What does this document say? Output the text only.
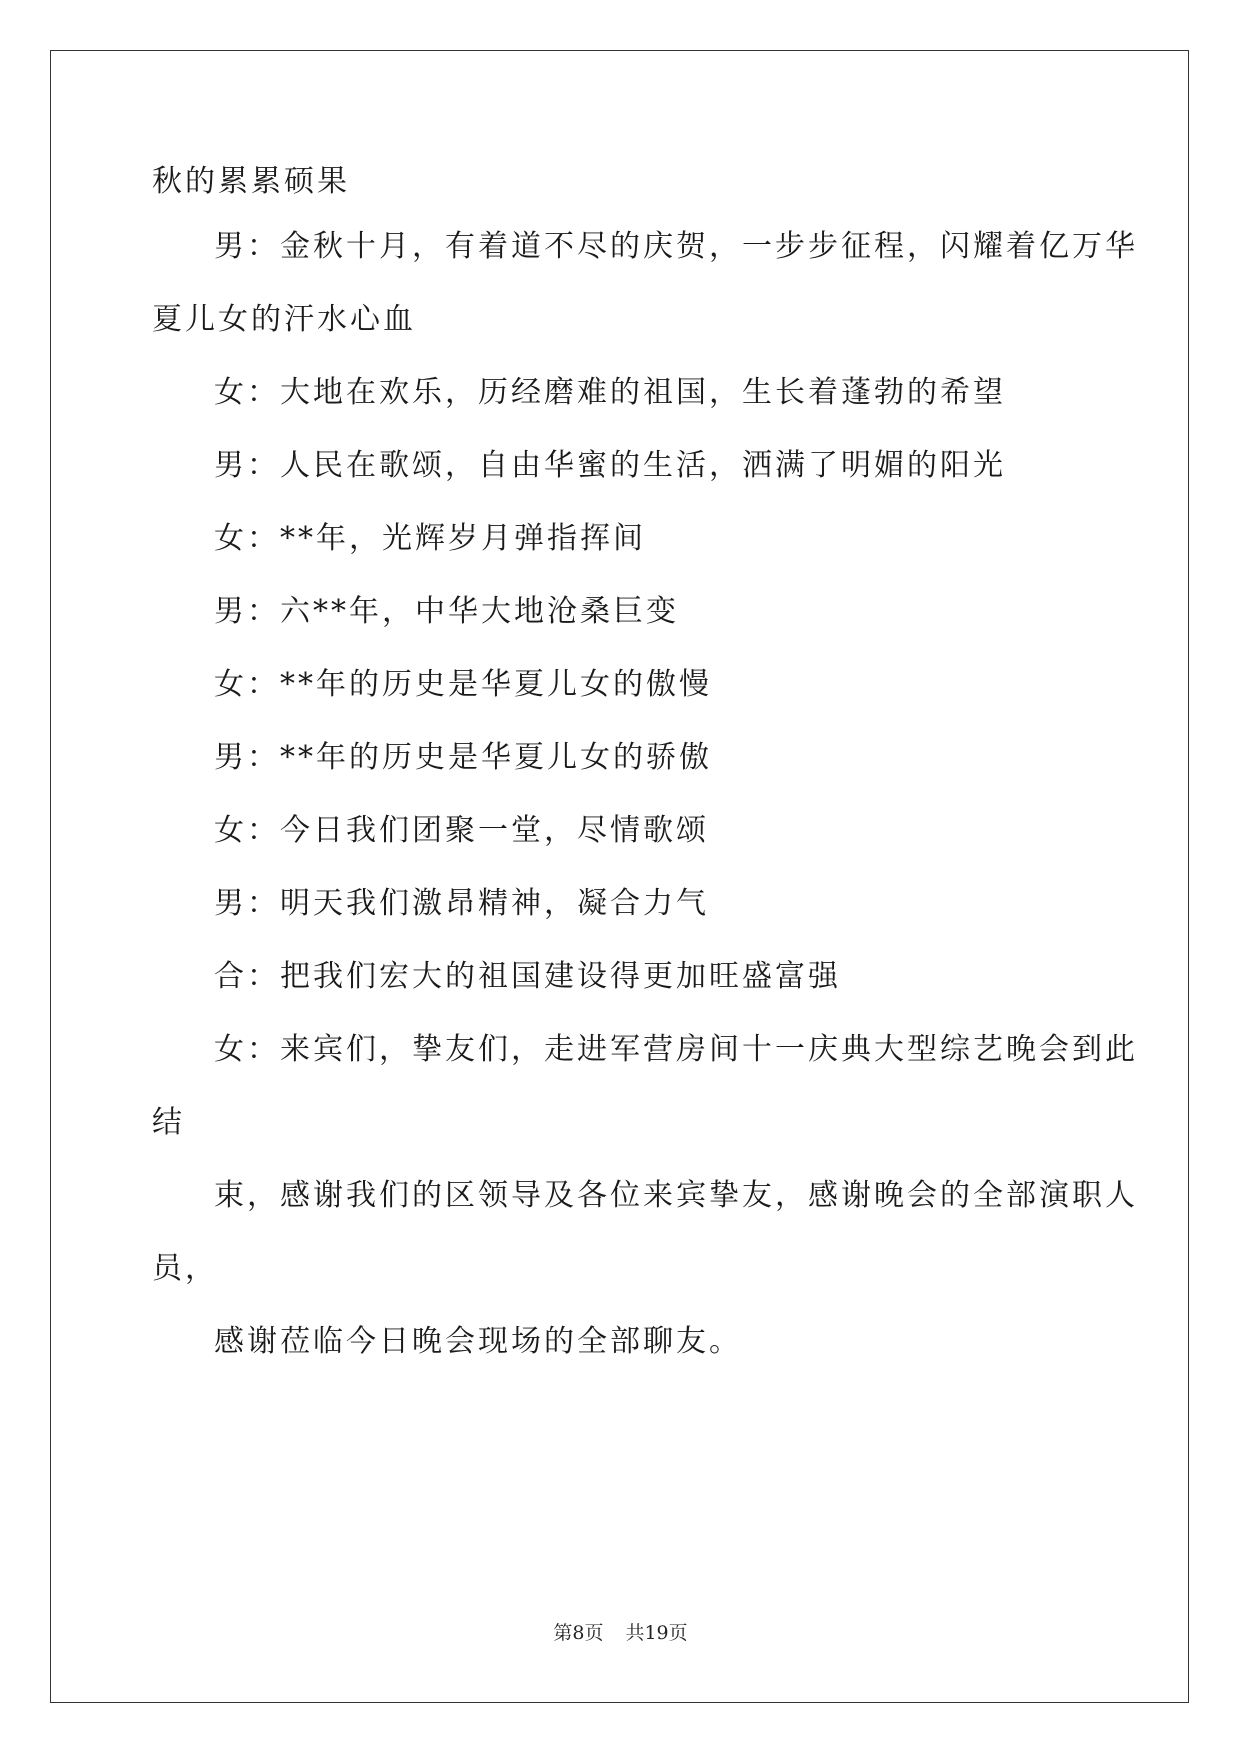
秋的累累硕果
男：金秋十月，有着道不尽的庆贺，一步步征程，闪耀着亿万华
夏儿女的汗水心血
女：大地在欢乐，历经磨难的祖国，生长着蓬勃的希望
男：人民在歌颂，自由华蜜的生活，洒满了明媚的阳光
女：**年，光辉岁月弹指挥间
男：六**年，中华大地沧桑巨变
女：**年的历史是华夏儿女的傲慢
男：**年的历史是华夏儿女的骄傲
女：今日我们团聚一堂，尽情歌颂
男：明天我们激昂精神，凝合力气
合：把我们宏大的祖国建设得更加旺盛富强
女：来宾们，挚友们，走进军营房间十一庆典大型综艺晚会到此
结
束，感谢我们的区领导及各位来宾挚友，感谢晚会的全部演职人
员，
感谢莅临今日晚会现场的全部聊友。
第8页 共19页
